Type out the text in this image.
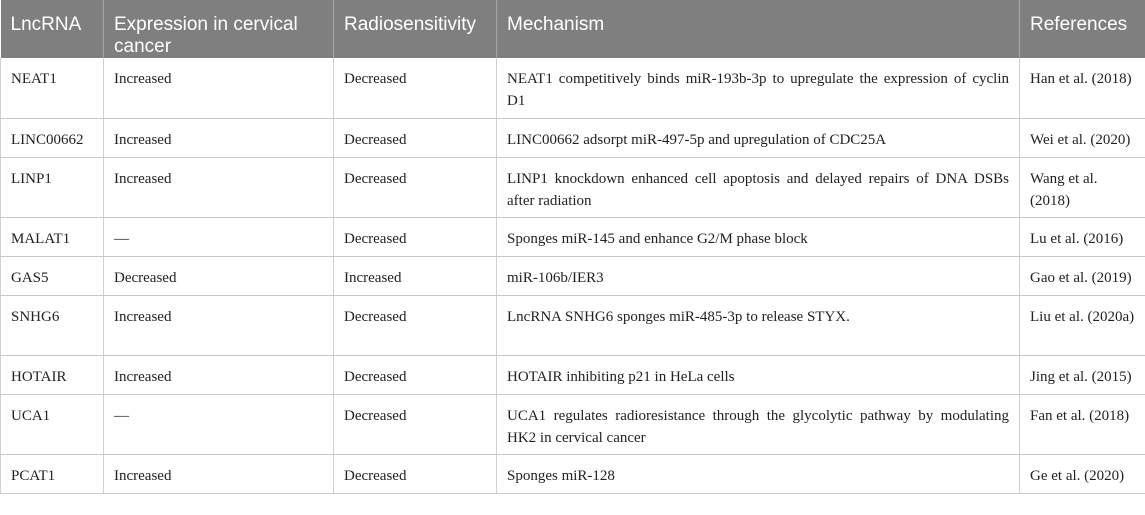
LncRNA	Expression in cervical cancer	Radiosensitivity	Mechanism	References
NEAT1	Increased	Decreased	NEAT1 competitively binds miR-193b-3p to upregulate the expression of cyclin D1	Han et al. (2018)
LINC00662	Increased	Decreased	LINC00662 adsorpt miR-497-5p and upregulation of CDC25A	Wei et al. (2020)
LINP1	Increased	Decreased	LINP1 knockdown enhanced cell apoptosis and delayed repairs of DNA DSBs after radiation	Wang et al. (2018)
MALAT1	—	Decreased	Sponges miR-145 and enhance G2/M phase block	Lu et al. (2016)
GAS5	Decreased	Increased	miR-106b/IER3	Gao et al. (2019)
SNHG6	Increased	Decreased	LncRNA SNHG6 sponges miR-485-3p to release STYX.	Liu et al. (2020a)
HOTAIR	Increased	Decreased	HOTAIR inhibiting p21 in HeLa cells	Jing et al. (2015)
UCA1	—	Decreased	UCA1 regulates radioresistance through the glycolytic pathway by modulating HK2 in cervical cancer	Fan et al. (2018)
PCAT1	Increased	Decreased	Sponges miR-128	Ge et al. (2020)
